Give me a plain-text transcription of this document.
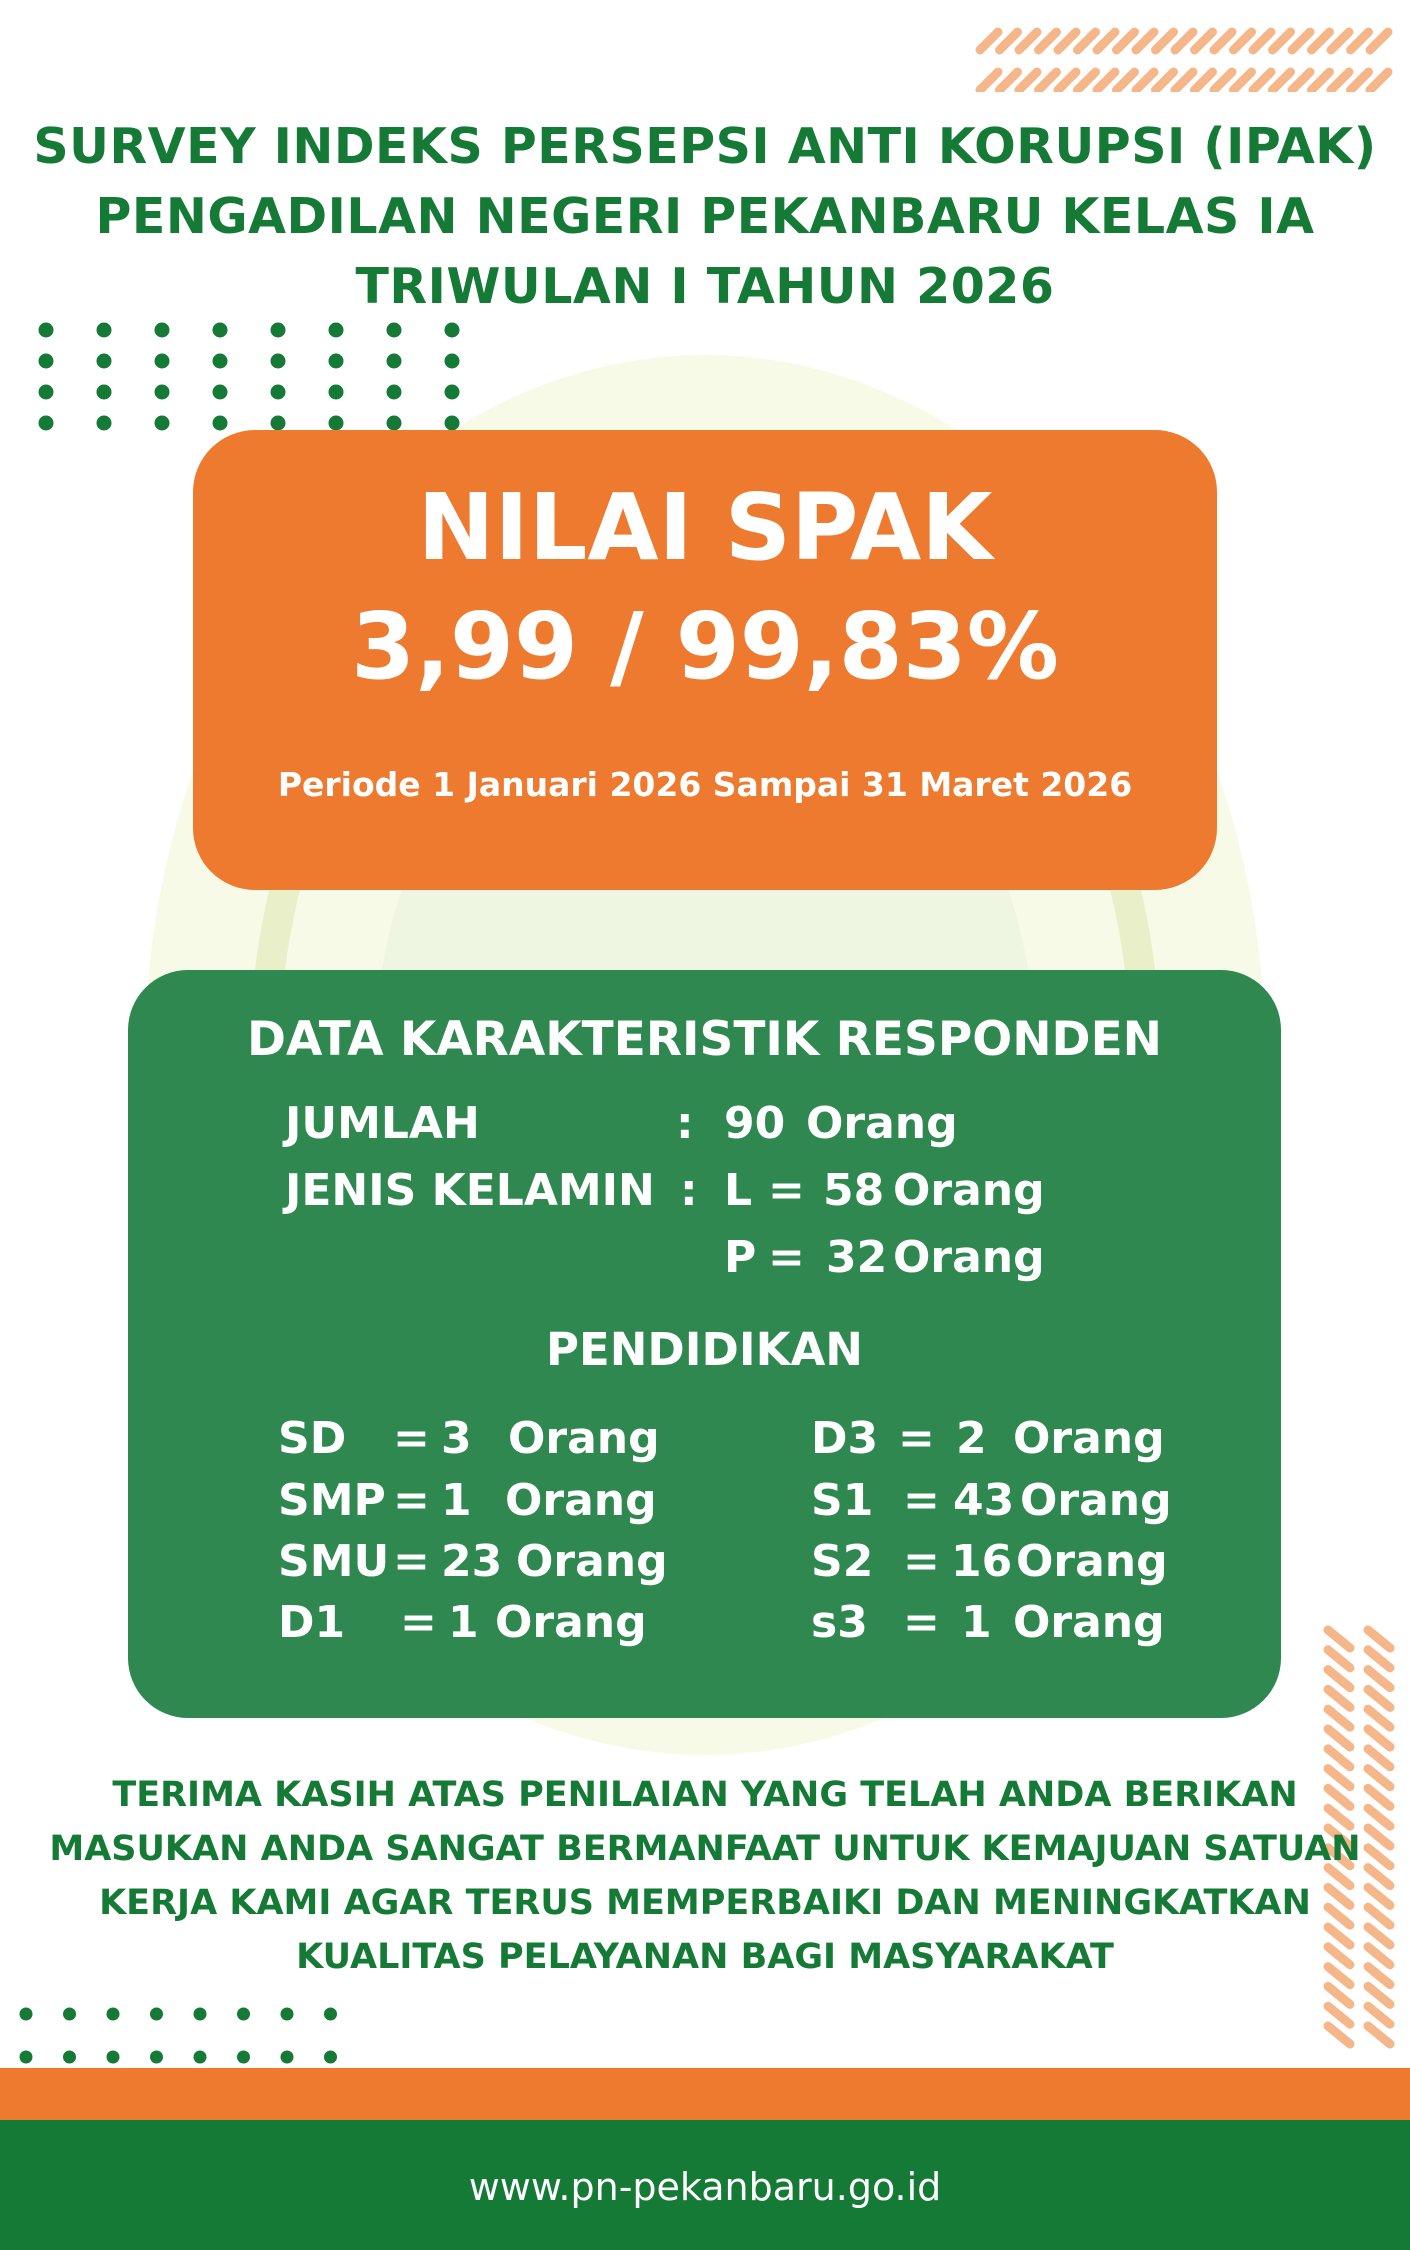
SURVEY INDEKS PERSEPSI ANTI KORUPSI (IPAK)
PENGADILAN NEGERI PEKANBARU KELAS IA
TRIWULAN I TAHUN 2026
NILAI SPAK
3,99 / 99,83%
Periode 1 Januari 2026 Sampai 31 Maret 2026
DATA KARAKTERISTIK RESPONDEN
JUMLAH	: 90 Orang
JENIS KELAMIN : L = 58 Orang
P = 32 Orang
PENDIDIKAN
SD = 3 Orang
SMP = 1 Orang
SMU = 23 Orang
D1 = 1 Orang
D3 = 2 Orang
S1 = 43 Orang
S2 = 16 Orang
s3 = 1 Orang
TERIMA KASIH ATAS PENILAIAN YANG TELAH ANDA BERIKAN
MASUKAN ANDA SANGAT BERMANFAAT UNTUK KEMAJUAN SATUAN
KERJA KAMI AGAR TERUS MEMPERBAIKI DAN MENINGKATKAN
KUALITAS PELAYANAN BAGI MASYARAKAT
www.pn-pekanbaru.go.id
